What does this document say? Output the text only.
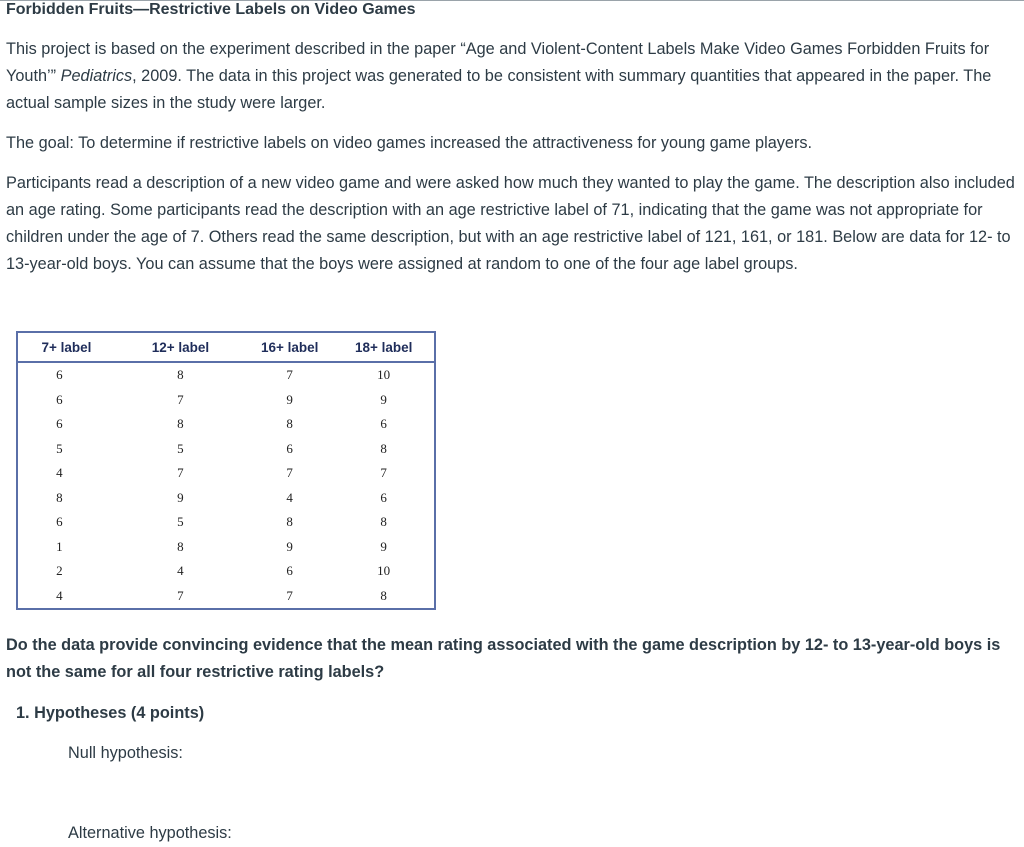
Forbidden Fruits—Restrictive Labels on Video Games

This project is based on the experiment described in the paper “Age and Violent-Content Labels Make Video Games Forbidden Fruits for Youth’” Pediatrics, 2009. The data in this project was generated to be consistent with summary quantities that appeared in the paper. The actual sample sizes in the study were larger.

The goal: To determine if restrictive labels on video games increased the attractiveness for young game players.

Participants read a description of a new video game and were asked how much they wanted to play the game. The description also included an age rating. Some participants read the description with an age restrictive label of 71, indicating that the game was not appropriate for children under the age of 7. Others read the same description, but with an age restrictive label of 121, 161, or 181. Below are data for 12- to 13-year-old boys. You can assume that the boys were assigned at random to one of the four age label groups.

7+ label	12+ label	16+ label	18+ label
6	8	7	10
6	7	9	9
6	8	8	6
5	5	6	8
4	7	7	7
8	9	4	6
6	5	8	8
1	8	9	9
2	4	6	10
4	7	7	8

Do the data provide convincing evidence that the mean rating associated with the game description by 12- to 13-year-old boys is not the same for all four restrictive rating labels?

1. Hypotheses (4 points)
Null hypothesis:
Alternative hypothesis:
